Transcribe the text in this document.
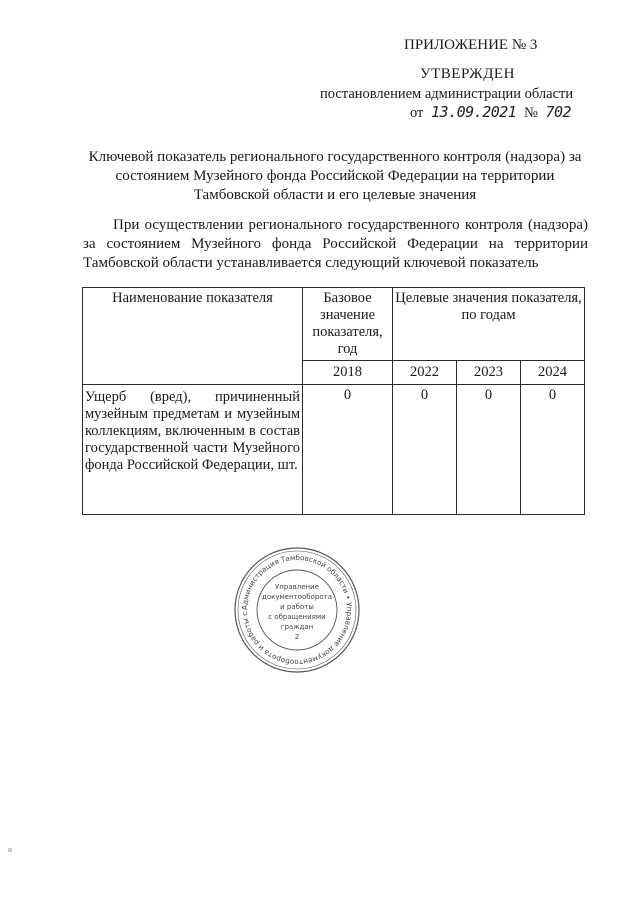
ПРИЛОЖЕНИЕ № 3
УТВЕРЖДЕН
постановлением администрации области
от 13.09.2021 № 702
Ключевой показатель регионального государственного контроля (надзора) за
состоянием Музейного фонда Российской Федерации на территории
Тамбовской области и его целевые значения
При осуществлении регионального государственного контроля (надзора) за состоянием Музейного фонда Российской Федерации на территории Тамбовской области устанавливается следующий ключевой показатель
Наименование показателя	Базовое значение показателя, год	Целевые значения показателя, по годам		
	2018	2022	2023	2024
Ущерб (вред), причиненный музейным предметам и музейным коллекциям, включенным в состав государственной части Музейного фонда Российской Федерации, шт.	0	0	0	0
Администрация Тамбовской области • Управление документооборота и работы с
Управление
документооборота
и работы
с обращениями
граждан
2
